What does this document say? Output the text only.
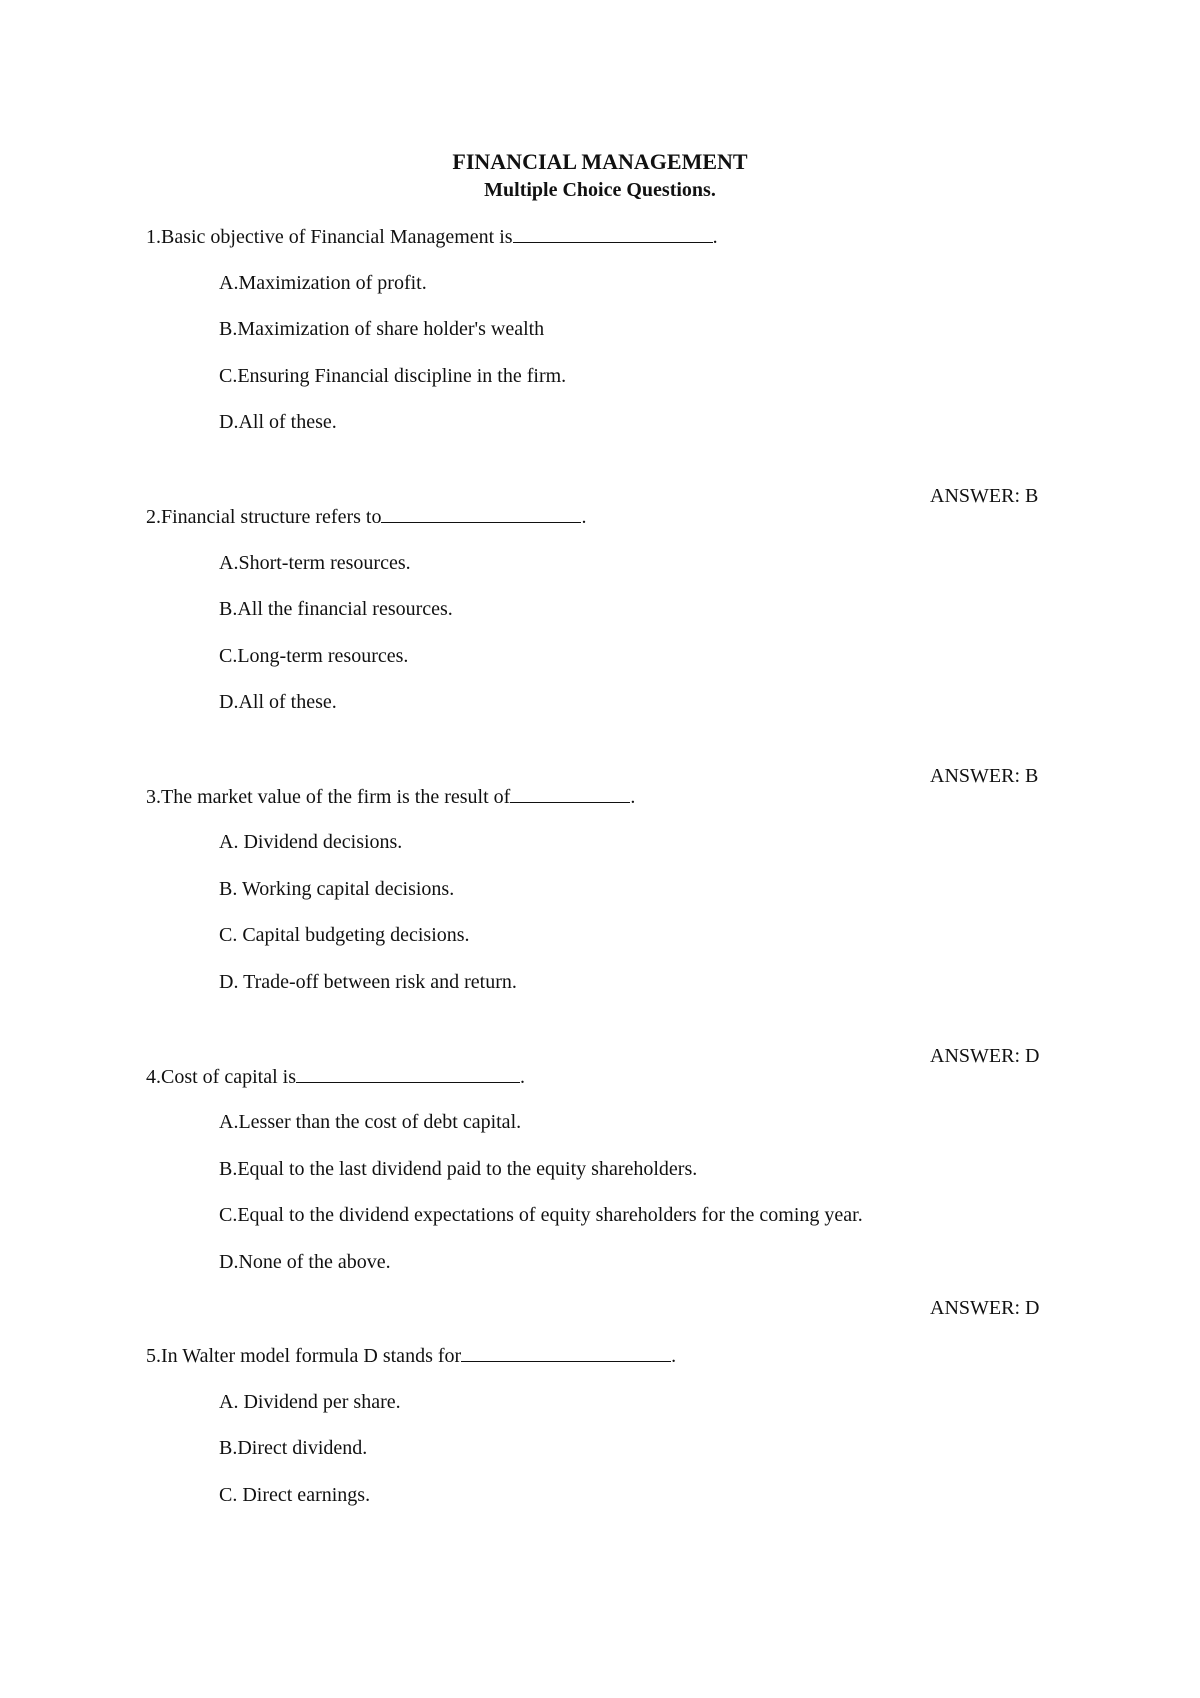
FINANCIAL MANAGEMENT
Multiple Choice Questions.
1.Basic objective of Financial Management is	.
A.Maximization of profit.
B.Maximization of share holder's wealth
C.Ensuring Financial discipline in the firm.
D.All of these.
ANSWER: B
2.Financial structure refers to	.
A.Short-term resources.
B.All the financial resources.
C.Long-term resources.
D.All of these.
ANSWER: B
3.The market value of the firm is the result of	.
A. Dividend decisions.
B. Working capital decisions.
C. Capital budgeting decisions.
D. Trade-off between risk and return.
ANSWER: D
4.Cost of capital is	.
A.Lesser than the cost of debt capital.
B.Equal to the last dividend paid to the equity shareholders.
C.Equal to the dividend expectations of equity shareholders for the coming year.
D.None of the above.
ANSWER: D
5.In Walter model formula D stands for	.
A. Dividend per share.
B.Direct dividend.
C. Direct earnings.
